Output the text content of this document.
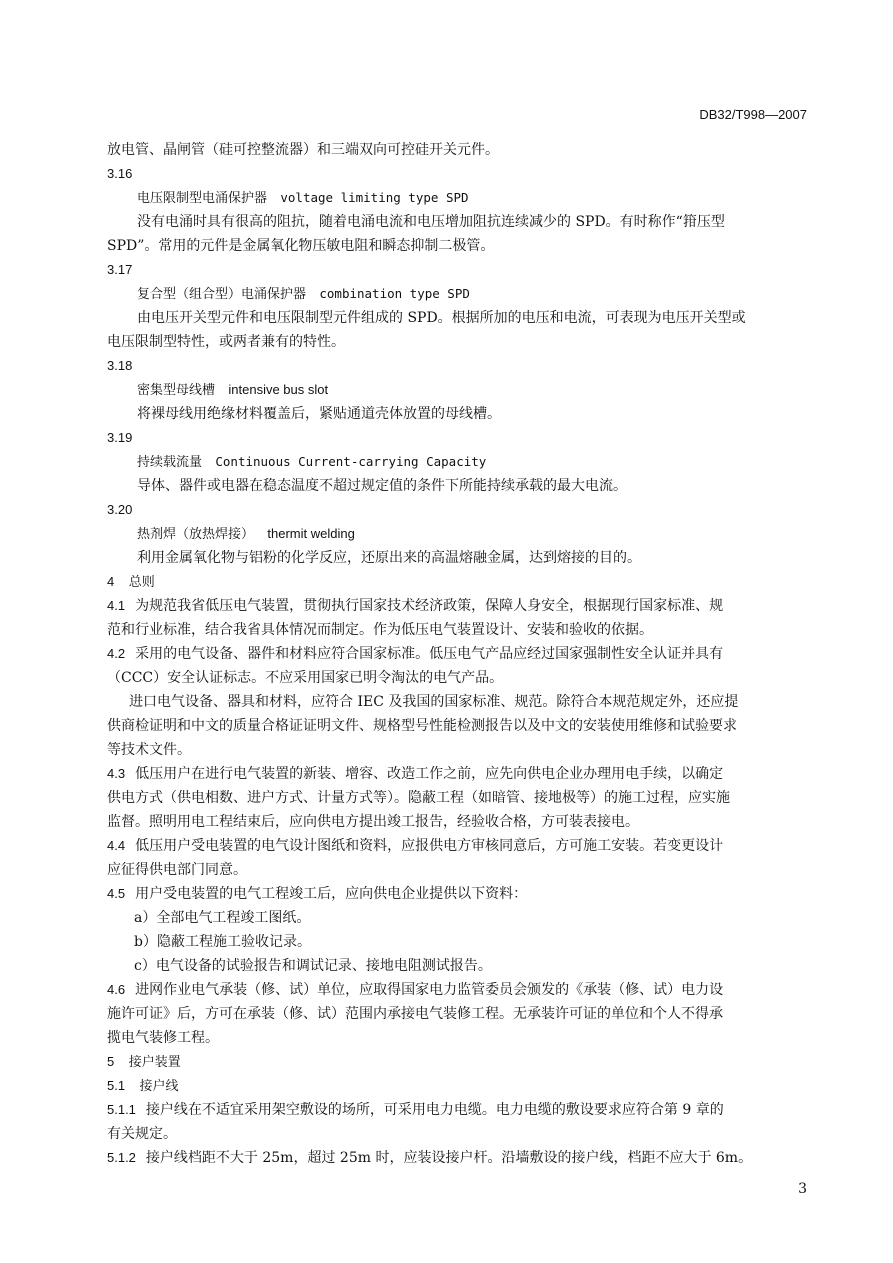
DB32/T998—2007
放电管、晶闸管（硅可控整流器）和三端双向可控硅开关元件。
3.16
电压限制型电涌保护器 voltage limiting type SPD
没有电涌时具有很高的阻抗，随着电涌电流和电压增加阻抗连续减少的 SPD。有时称作“箝压型
SPD”。常用的元件是金属氧化物压敏电阻和瞬态抑制二极管。
3.17
复合型（组合型）电涌保护器 combination type SPD
由电压开关型元件和电压限制型元件组成的 SPD。根据所加的电压和电流，可表现为电压开关型或
电压限制型特性，或两者兼有的特性。
3.18
密集型母线槽 intensive bus slot
将裸母线用绝缘材料覆盖后，紧贴通道壳体放置的母线槽。
3.19
持续载流量 Continuous Current-carrying Capacity
导体、器件或电器在稳态温度不超过规定值的条件下所能持续承载的最大电流。
3.20
热剂焊（放热焊接） thermit welding
利用金属氧化物与铝粉的化学反应，还原出来的高温熔融金属，达到熔接的目的。
4 总则
4.1 为规范我省低压电气装置，贯彻执行国家技术经济政策，保障人身安全，根据现行国家标准、规
范和行业标准，结合我省具体情况而制定。作为低压电气装置设计、安装和验收的依据。
4.2 采用的电气设备、器件和材料应符合国家标准。低压电气产品应经过国家强制性安全认证并具有
（CCC）安全认证标志。不应采用国家已明令淘汰的电气产品。
进口电气设备、器具和材料，应符合 IEC 及我国的国家标准、规范。除符合本规范规定外，还应提
供商检证明和中文的质量合格证证明文件、规格型号性能检测报告以及中文的安装使用维修和试验要求
等技术文件。
4.3 低压用户在进行电气装置的新装、增容、改造工作之前，应先向供电企业办理用电手续，以确定
供电方式（供电相数、进户方式、计量方式等）。隐蔽工程（如暗管、接地极等）的施工过程，应实施
监督。照明用电工程结束后，应向供电方提出竣工报告，经验收合格，方可装表接电。
4.4 低压用户受电装置的电气设计图纸和资料，应报供电方审核同意后，方可施工安装。若变更设计
应征得供电部门同意。
4.5 用户受电装置的电气工程竣工后，应向供电企业提供以下资料：
a）全部电气工程竣工图纸。
b）隐蔽工程施工验收记录。
c）电气设备的试验报告和调试记录、接地电阻测试报告。
4.6 进网作业电气承装（修、试）单位，应取得国家电力监管委员会颁发的《承装（修、试）电力设
施许可证》后，方可在承装（修、试）范围内承接电气装修工程。无承装许可证的单位和个人不得承
揽电气装修工程。
5 接户装置
5.1 接户线
5.1.1 接户线在不适宜采用架空敷设的场所，可采用电力电缆。电力电缆的敷设要求应符合第 9 章的
有关规定。
5.1.2 接户线档距不大于 25m，超过 25m 时，应装设接户杆。沿墙敷设的接户线，档距不应大于 6m。
3
